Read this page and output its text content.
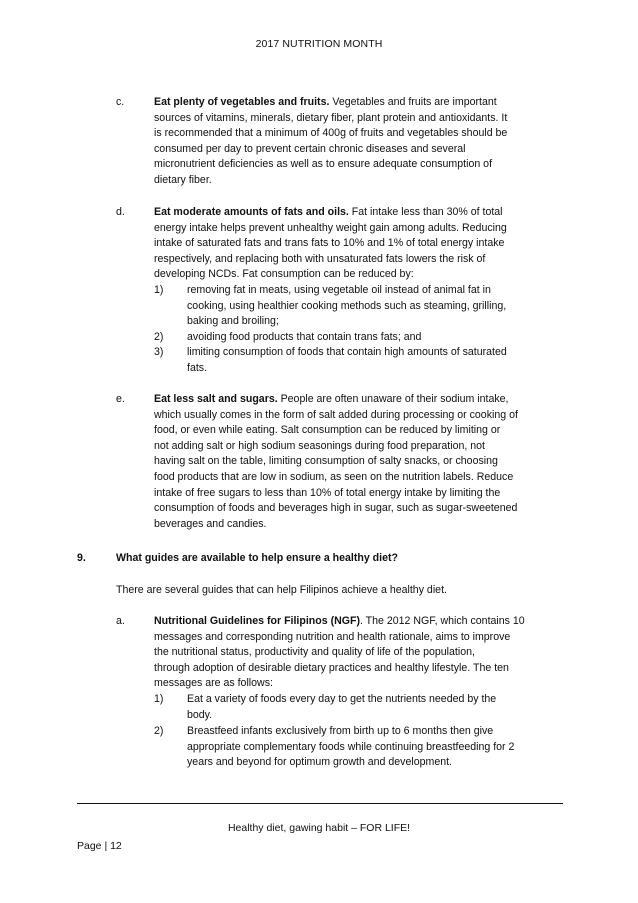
2017 NUTRITION MONTH
c.	Eat plenty of vegetables and fruits. Vegetables and fruits are important
sources of vitamins, minerals, dietary fiber, plant protein and antioxidants. It
is recommended that a minimum of 400g of fruits and vegetables should be
consumed per day to prevent certain chronic diseases and several
micronutrient deficiencies as well as to ensure adequate consumption of
dietary fiber.
d.	Eat moderate amounts of fats and oils. Fat intake less than 30% of total
energy intake helps prevent unhealthy weight gain among adults. Reducing
intake of saturated fats and trans fats to 10% and 1% of total energy intake
respectively, and replacing both with unsaturated fats lowers the risk of
developing NCDs. Fat consumption can be reduced by:
1) removing fat in meats, using vegetable oil instead of animal fat in
cooking, using healthier cooking methods such as steaming, grilling,
baking and broiling;
2) avoiding food products that contain trans fats; and
3) limiting consumption of foods that contain high amounts of saturated
fats.
e.	Eat less salt and sugars. People are often unaware of their sodium intake,
which usually comes in the form of salt added during processing or cooking of
food, or even while eating. Salt consumption can be reduced by limiting or
not adding salt or high sodium seasonings during food preparation, not
having salt on the table, limiting consumption of salty snacks, or choosing
food products that are low in sodium, as seen on the nutrition labels. Reduce
intake of free sugars to less than 10% of total energy intake by limiting the
consumption of foods and beverages high in sugar, such as sugar-sweetened
beverages and candies.
9.	What guides are available to help ensure a healthy diet?
There are several guides that can help Filipinos achieve a healthy diet.
a.	Nutritional Guidelines for Filipinos (NGF). The 2012 NGF, which contains 10
messages and corresponding nutrition and health rationale, aims to improve
the nutritional status, productivity and quality of life of the population,
through adoption of desirable dietary practices and healthy lifestyle. The ten
messages are as follows:
1) Eat a variety of foods every day to get the nutrients needed by the
body.
2) Breastfeed infants exclusively from birth up to 6 months then give
appropriate complementary foods while continuing breastfeeding for 2
years and beyond for optimum growth and development.
Healthy diet, gawing habit – FOR LIFE!
Page | 12
